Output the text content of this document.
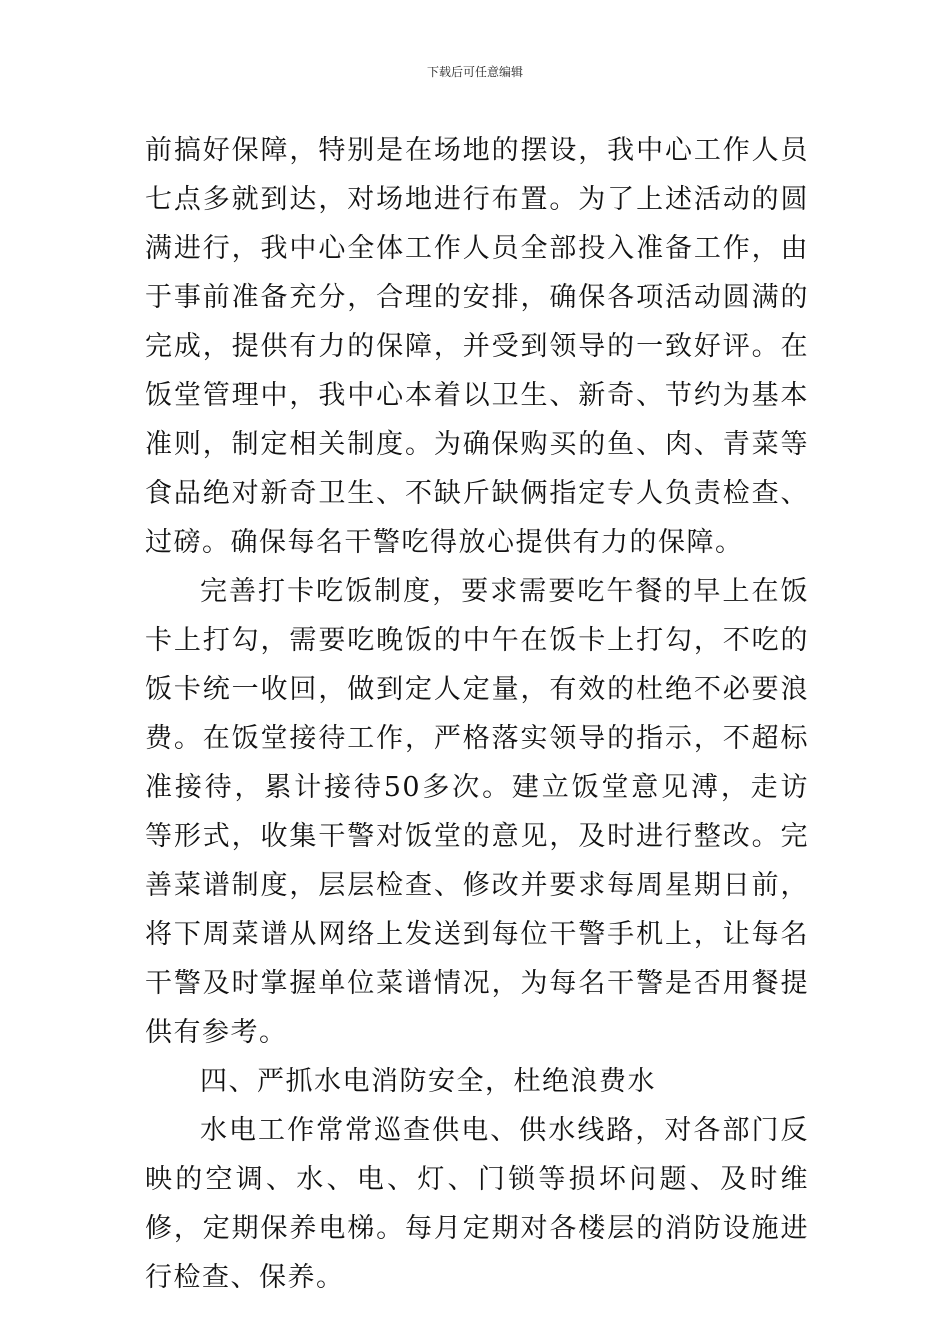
下载后可任意编辑

前搞好保障，特别是在场地的摆设，我中心工作人员七点多就到达，对场地进行布置。为了上述活动的圆满进行，我中心全体工作人员全部投入准备工作，由于事前准备充分，合理的安排，确保各项活动圆满的完成，提供有力的保障，并受到领导的一致好评。在饭堂管理中，我中心本着以卫生、新奇、节约为基本准则，制定相关制度。为确保购买的鱼、肉、青菜等食品绝对新奇卫生、不缺斤缺俩指定专人负责检查、过磅。确保每名干警吃得放心提供有力的保障。

完善打卡吃饭制度，要求需要吃午餐的早上在饭卡上打勾，需要吃晚饭的中午在饭卡上打勾，不吃的饭卡统一收回，做到定人定量，有效的杜绝不必要浪费。在饭堂接待工作，严格落实领导的指示，不超标准接待，累计接待50多次。建立饭堂意见溥，走访等形式，收集干警对饭堂的意见，及时进行整改。完善菜谱制度，层层检查、修改并要求每周星期日前，将下周菜谱从网络上发送到每位干警手机上，让每名干警及时掌握单位菜谱情况，为每名干警是否用餐提供有参考。

四、严抓水电消防安全，杜绝浪费水

水电工作常常巡查供电、供水线路，对各部门反映的空调、水、电、灯、门锁等损坏问题、及时维修，定期保养电梯。每月定期对各楼层的消防设施进行检查、保养。
